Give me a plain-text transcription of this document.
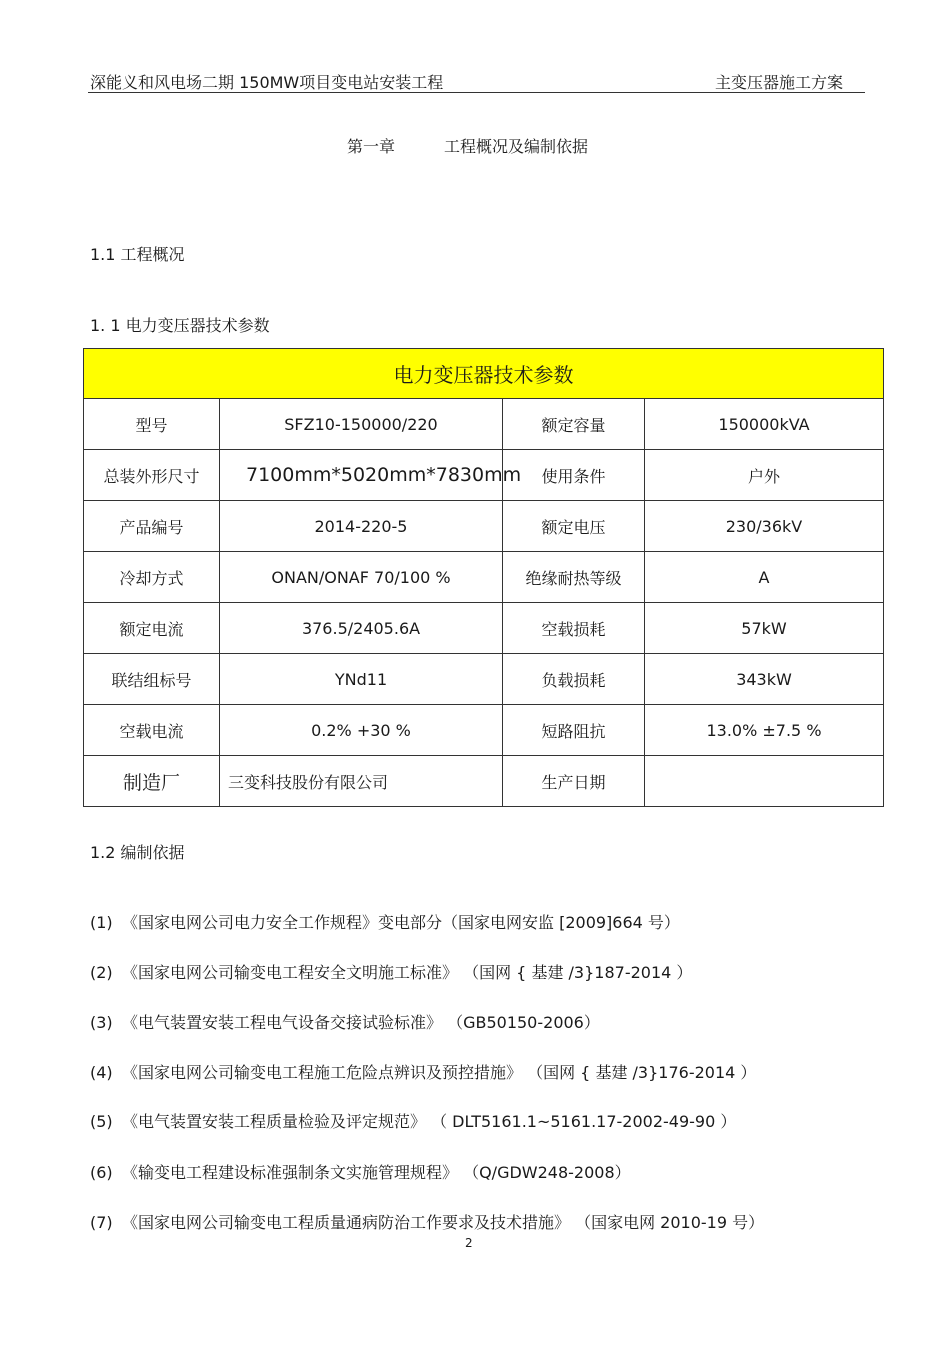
深能义和风电场二期 150MW项目变电站安装工程	主变压器施工方案
第一章	工程概况及编制依据
1.1 工程概况
1. 1 电力变压器技术参数
电力变压器技术参数			
型号	SFZ10-150000/220	额定容量	150000kVA
总装外形尺寸	7100mm*5020mm*7830mm	使用条件	户外
产品编号	2014-220-5	额定电压	230/36kV
冷却方式	ONAN/ONAF 70/100 %	绝缘耐热等级	A
额定电流	376.5/2405.6A	空载损耗	57kW
联结组标号	YNd11	负载损耗	343kW
空载电流	0.2% +30 %	短路阻抗	13.0% ±7.5 %
制造厂	三变科技股份有限公司	生产日期	
1.2 编制依据
(1) 《国家电网公司电力安全工作规程》变电部分（国家电网安监 [2009]664 号）
(2) 《国家电网公司输变电工程安全文明施工标准》 （国网 { 基建 /3}187-2014 ）
(3) 《电气装置安装工程电气设备交接试验标准》 （GB50150-2006）
(4) 《国家电网公司输变电工程施工危险点辨识及预控措施》 （国网 { 基建 /3}176-2014 ）
(5) 《电气装置安装工程质量检验及评定规范》 （ DLT5161.1~5161.17-2002-49-90 ）
(6) 《输变电工程建设标准强制条文实施管理规程》 （Q/GDW248-2008）
(7) 《国家电网公司输变电工程质量通病防治工作要求及技术措施》 （国家电网 2010-19 号）
2
